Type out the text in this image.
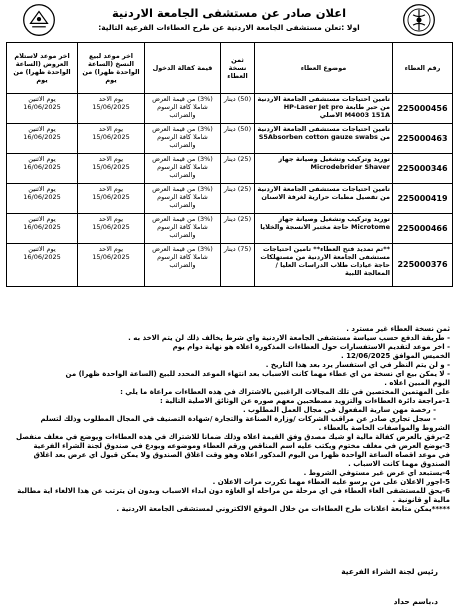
اعلان صادر عن مستشفى الجامعة الاردنية
اولا :تعلن مستشفى الجامعة الاردنية عن طرح العطاءات الفرعية التالية:
رقم العطاء	موضوع العطاء	ثمن نسخة العطاء	قيمة كفالة الدخول	اخر موعد لبيع النسخ (الساعة الواحدة ظهرا) من يوم	اخر موعد لاستلام العروض (الساعة الواحدة ظهرا) من يوم
225000456	تامين احتياجات مستشفى الجامعة الاردنية من حبر طابعة HP-Laser Jet pro M4003 151A الاصلي	(50) دينار	(3%) من قيمة العرض شاملا كافة الرسوم والضرائب	يوم الاحد 15/06/2025	يوم الاثنين 16/06/2025
225000463	تامين احتياجات مستشفى الجامعة الاردنية من S5Absorben cotton gauze swabs	(50) دينار	(3%) من قيمة العرض شاملا كافة الرسوم والضرائب	يوم الاحد 15/06/2025	يوم الاثنين 16/06/2025
225000346	توريد وتركيب وتشغيل وصيانة جهاز Microdebrider Shaver	(25) دينار	(3%) من قيمة العرض شاملا كافة الرسوم والضرائب	يوم الاحد 15/06/2025	يوم الاثنين 16/06/2025
225000419	تامين احتياجات مستشفى الجامعة الاردنية من تفصيل مطبات حرارية لغرفة الاسنان	(25) دينار	(3%) من قيمة العرض شاملا كافة الرسوم والضرائب	يوم الاحد 15/06/2025	يوم الاثنين 16/06/2025
225000466	توريد وتركيب وتشغيل وصيانة جهاز Microtome حاجة مختبر الانسجة والخلايا	(25) دينار	(3%) من قيمة العرض شاملا كافة الرسوم والضرائب	يوم الاحد 15/06/2025	يوم الاثنين 16/06/2025
225000376	**تم تمديد فتح العطاء** تامين احتياجات مستشفى الجامعة الاردنية من مستهلكات حاجة عيادات طلاب الدراسات العليا / المعالجة اللبية	(75) دينار	(3%) من قيمة العرض شاملا كافة الرسوم والضرائب	يوم الاحد 15/06/2025	يوم الاثنين 16/06/2025

ثمن نسخة العطاء غير مسترد .

- طريقة الدفع حسب سياسة مستشفى الجامعة الاردنية واي شرط يخالف ذلك لن يتم الاخذ به .

- اخر موعد لتقديم الاستفسارات حول العطاءات المذكورة اعلاه هو نهاية دوام يوم

الخميس الموافق 12/06/2025 .

- و لن يتم النظر في اي استفسار يرد بعد هذا التاريخ .

- لا يمكن بيع اي نسخة من اي عطاء مهما كانت الاسباب بعد انتهاء الموعد المحدد للبيع (الساعة الواحدة ظهرا) من

اليوم المبين اعلاه .

على المهتمين المختصين في تلك المجالات الراغبين بالاشتراك في هذه العطاءات مراعاة ما يلي :

1-مراجعة دائرة العطاءات والتزويد مصطحبين معهم صوره عن الوثائق الاصلية التالية :

- رخصة مهن سارية المفعول في مجال العمل المطلوب .

- سجل تجاري صادر عن مراقب الشركات /وزارة الصناعة والتجارة /شهادة التصنيف في المجال المطلوب وذلك لتسلم

الشروط والمواصفات الخاصة بالعطاء .

2-يرفق بالعرض كفالة مالية او شيك مصدق وفق القيمة اعلاه وذلك ضمانا للاشتراك في هذه العطاءات ويوضع في مغلف منفصل

3-يوضع العرض في مغلف مختوم ويكتب عليه اسم المناقص ورقم العطاء وموضوعه ويودع في صندوق لجنة الشراء الفرعية

في موعد اقصاه الساعة الواحدة ظهرا من اليوم المذكور اعلاه وهو وقت اغلاق الصندوق ولا يمكن قبول اي عرض بعد اغلاق

الصندوق مهما كانت الاسباب .

4-يستبعد اي عرض غير مستوفي الشروط .

5-اجور الاعلان على من يرسو عليه العطاء مهما تكررت مرات الاعلان .

6-يحق للمستشفى الغاء العطاء في اي مرحلة من مراحله او الغاؤه دون ابداء الاسباب وبدون ان يترتب عن هذا الالغاء اية مطالبة مالية او قانونية .

*****يمكن متابعة اعلانات طرح العطاءات من خلال الموقع الالكتروني لمستشفى الجامعة الاردنية .

رئيس لجنة الشراء الفرعية
د.باسم حداد
